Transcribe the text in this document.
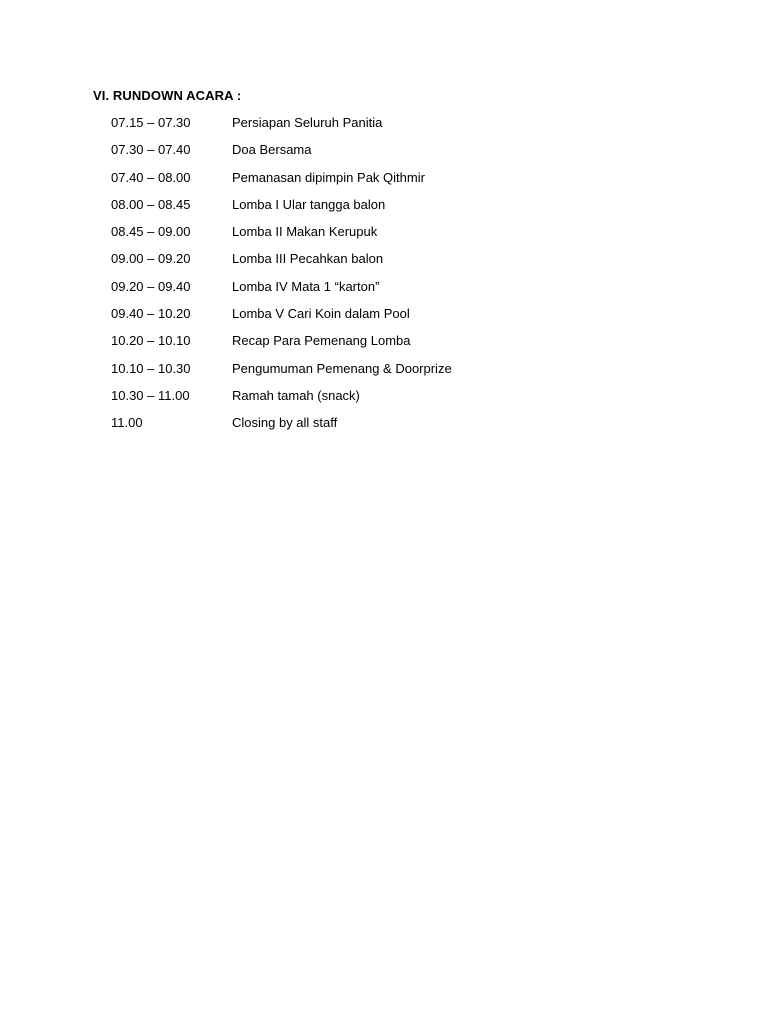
VI. RUNDOWN ACARA :
07.15 – 07.30	Persiapan Seluruh Panitia
07.30 – 07.40	Doa Bersama
07.40 – 08.00	Pemanasan dipimpin Pak Qithmir
08.00 – 08.45	Lomba I Ular tangga balon
08.45 – 09.00	Lomba II Makan Kerupuk
09.00 – 09.20	Lomba III Pecahkan balon
09.20 – 09.40	Lomba IV Mata 1 “karton”
09.40 – 10.20	Lomba V Cari Koin dalam Pool
10.20 – 10.10	Recap Para Pemenang Lomba
10.10 – 10.30	Pengumuman Pemenang & Doorprize
10.30 – 11.00	Ramah tamah (snack)
11.00	Closing by all staff
